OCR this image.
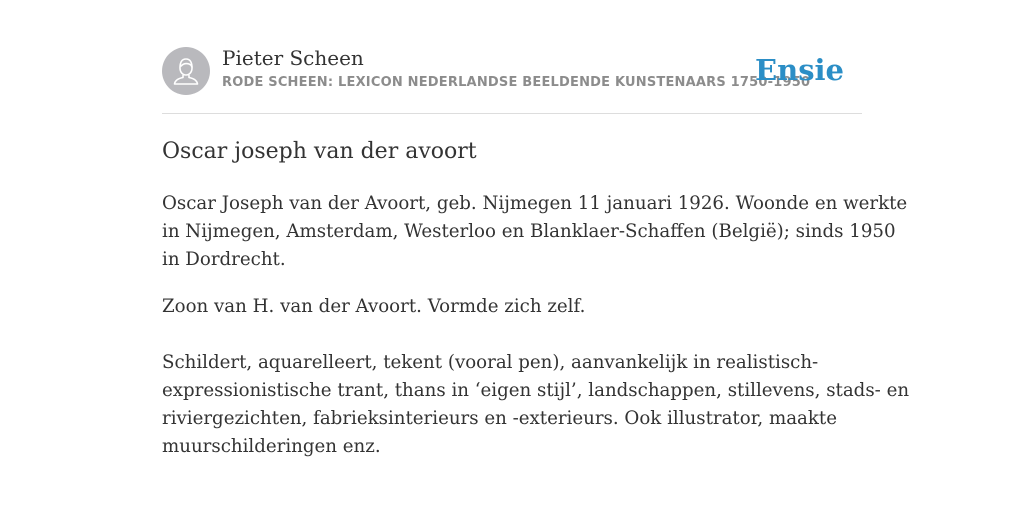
Pieter Scheen
RODE SCHEEN: LEXICON NEDERLANDSE BEELDENDE KUNSTENAARS 1750-1950
Ensie
Oscar joseph van der avoort

Oscar Joseph van der Avoort, geb. Nijmegen 11 januari 1926. Woonde en werkte
in Nijmegen, Amsterdam, Westerloo en Blanklaer-Schaffen (België); sinds 1950
in Dordrecht.

Zoon van H. van der Avoort. Vormde zich zelf.

Schildert, aquarelleert, tekent (vooral pen), aanvankelijk in realistisch-
expressionistische trant, thans in ‘eigen stijl’, landschappen, stillevens, stads- en
riviergezichten, fabrieksinterieurs en -exterieurs. Ook illustrator, maakte
muurschilderingen enz.
